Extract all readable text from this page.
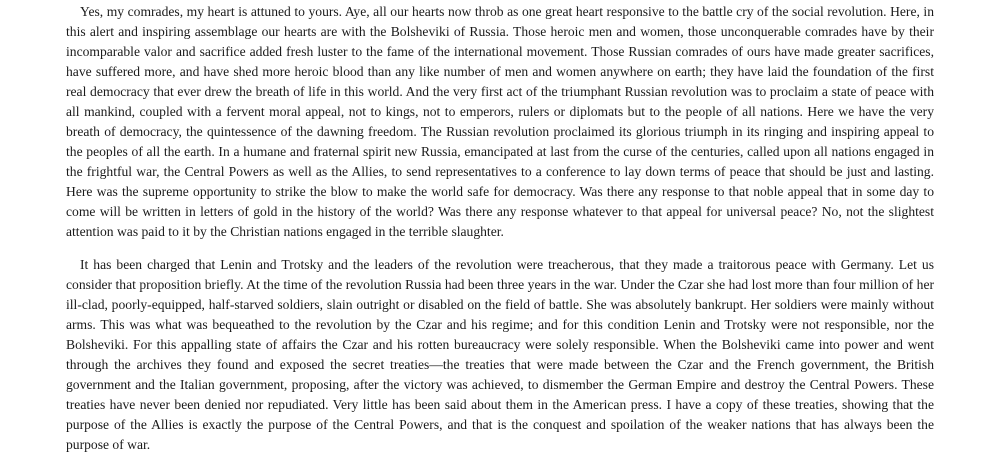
Yes, my comrades, my heart is attuned to yours. Aye, all our hearts now throb as one great heart responsive to the battle cry of the social revolution. Here, in this alert and inspiring assemblage our hearts are with the Bolsheviki of Russia. Those heroic men and women, those unconquerable comrades have by their incomparable valor and sacrifice added fresh luster to the fame of the international movement. Those Russian comrades of ours have made greater sacrifices, have suffered more, and have shed more heroic blood than any like number of men and women anywhere on earth; they have laid the foundation of the first real democracy that ever drew the breath of life in this world. And the very first act of the triumphant Russian revolution was to proclaim a state of peace with all mankind, coupled with a fervent moral appeal, not to kings, not to emperors, rulers or diplomats but to the people of all nations. Here we have the very breath of democracy, the quintessence of the dawning freedom. The Russian revolution proclaimed its glorious triumph in its ringing and inspiring appeal to the peoples of all the earth. In a humane and fraternal spirit new Russia, emancipated at last from the curse of the centuries, called upon all nations engaged in the frightful war, the Central Powers as well as the Allies, to send representatives to a conference to lay down terms of peace that should be just and lasting. Here was the supreme opportunity to strike the blow to make the world safe for democracy. Was there any response to that noble appeal that in some day to come will be written in letters of gold in the history of the world? Was there any response whatever to that appeal for universal peace? No, not the slightest attention was paid to it by the Christian nations engaged in the terrible slaughter.

It has been charged that Lenin and Trotsky and the leaders of the revolution were treacherous, that they made a traitorous peace with Germany. Let us consider that proposition briefly. At the time of the revolution Russia had been three years in the war. Under the Czar she had lost more than four million of her ill-clad, poorly-equipped, half-starved soldiers, slain outright or disabled on the field of battle. She was absolutely bankrupt. Her soldiers were mainly without arms. This was what was bequeathed to the revolution by the Czar and his regime; and for this condition Lenin and Trotsky were not responsible, nor the Bolsheviki. For this appalling state of affairs the Czar and his rotten bureaucracy were solely responsible. When the Bolsheviki came into power and went through the archives they found and exposed the secret treaties—the treaties that were made between the Czar and the French government, the British government and the Italian government, proposing, after the victory was achieved, to dismember the German Empire and destroy the Central Powers. These treaties have never been denied nor repudiated. Very little has been said about them in the American press. I have a copy of these treaties, showing that the purpose of the Allies is exactly the purpose of the Central Powers, and that is the conquest and spoilation of the weaker nations that has always been the purpose of war.
